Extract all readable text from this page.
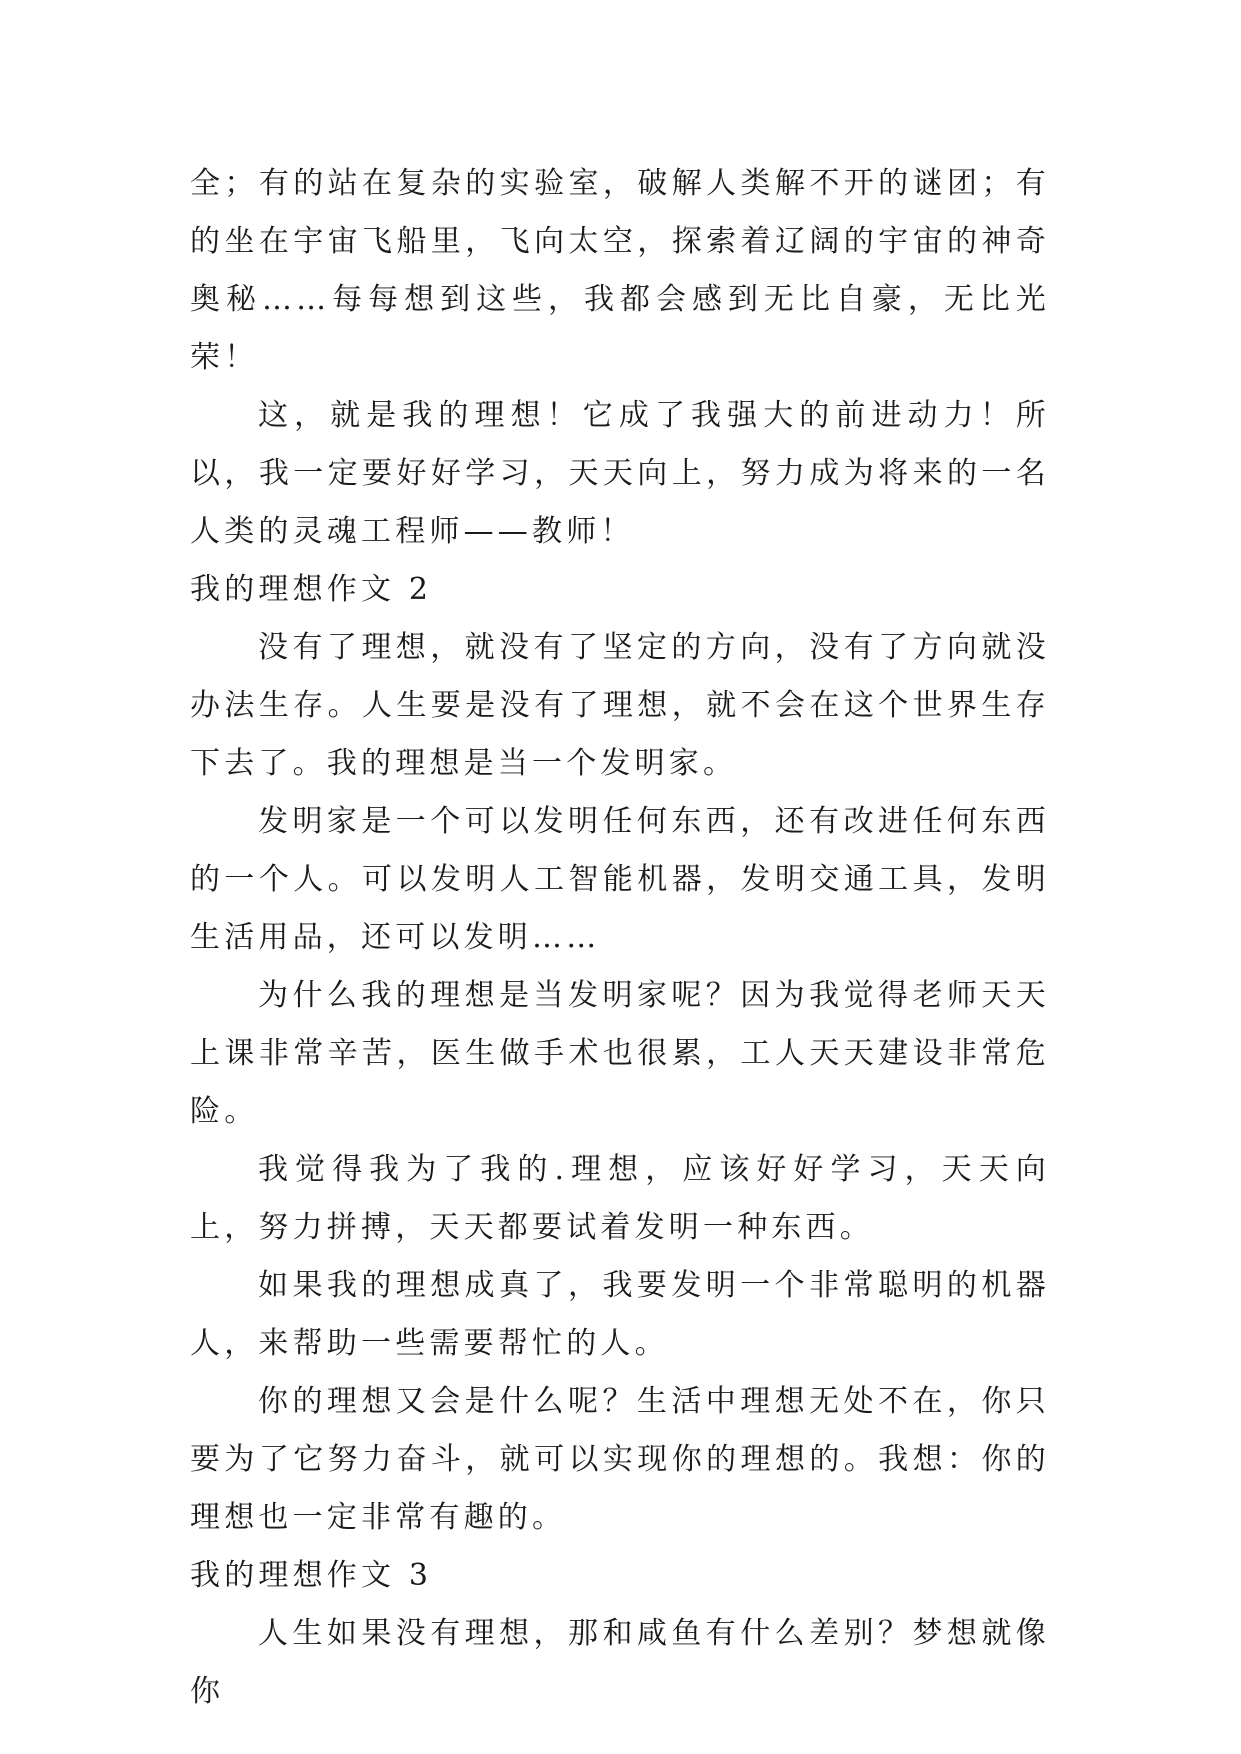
全；有的站在复杂的实验室，破解人类解不开的谜团；有的坐在宇宙飞船里，飞向太空，探索着辽阔的宇宙的神奇奥秘……每每想到这些，我都会感到无比自豪，无比光荣！

这，就是我的理想！它成了我强大的前进动力！所以，我一定要好好学习，天天向上，努力成为将来的一名人类的灵魂工程师——教师！

我的理想作文 2

没有了理想，就没有了坚定的方向，没有了方向就没办法生存。人生要是没有了理想，就不会在这个世界生存下去了。我的理想是当一个发明家。

发明家是一个可以发明任何东西，还有改进任何东西的一个人。可以发明人工智能机器，发明交通工具，发明生活用品，还可以发明……

为什么我的理想是当发明家呢？因为我觉得老师天天上课非常辛苦，医生做手术也很累，工人天天建设非常危险。

我觉得我为了我的.理想，应该好好学习，天天向上，努力拼搏，天天都要试着发明一种东西。

如果我的理想成真了，我要发明一个非常聪明的机器人，来帮助一些需要帮忙的人。

你的理想又会是什么呢？生活中理想无处不在，你只要为了它努力奋斗，就可以实现你的理想的。我想：你的理想也一定非常有趣的。

我的理想作文 3

人生如果没有理想，那和咸鱼有什么差别？梦想就像你
